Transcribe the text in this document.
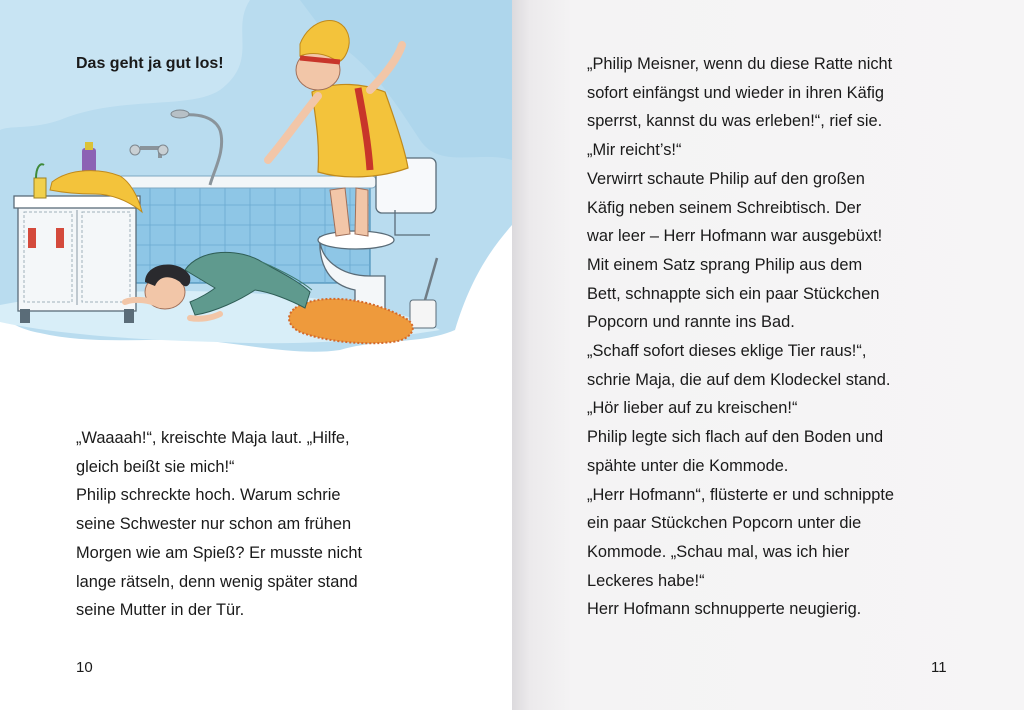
Das geht ja gut los!

„Waaaah!“, kreischte Maja laut. „Hilfe,

gleich beißt sie mich!“

Philip schreckte hoch. Warum schrie

seine Schwester nur schon am frühen

Morgen wie am Spieß? Er musste nicht

lange rätseln, denn wenig später stand

seine Mutter in der Tür.

10	11

„Philip Meisner, wenn du diese Ratte nicht

sofort einfängst und wieder in ihren Käfig

sperrst, kannst du was erleben!“, rief sie.

„Mir reicht’s!“

Verwirrt schaute Philip auf den großen

Käfig neben seinem Schreibtisch. Der

war leer – Herr Hofmann war ausgebüxt!

Mit einem Satz sprang Philip aus dem

Bett, schnappte sich ein paar Stückchen

Popcorn und rannte ins Bad.

„Schaff sofort dieses eklige Tier raus!“,

schrie Maja, die auf dem Klodeckel stand.

„Hör lieber auf zu kreischen!“

Philip legte sich flach auf den Boden und

spähte unter die Kommode.

„Herr Hofmann“, flüsterte er und schnippte

ein paar Stückchen Popcorn unter die

Kommode. „Schau mal, was ich hier

Leckeres habe!“

Herr Hofmann schnupperte neugierig.
